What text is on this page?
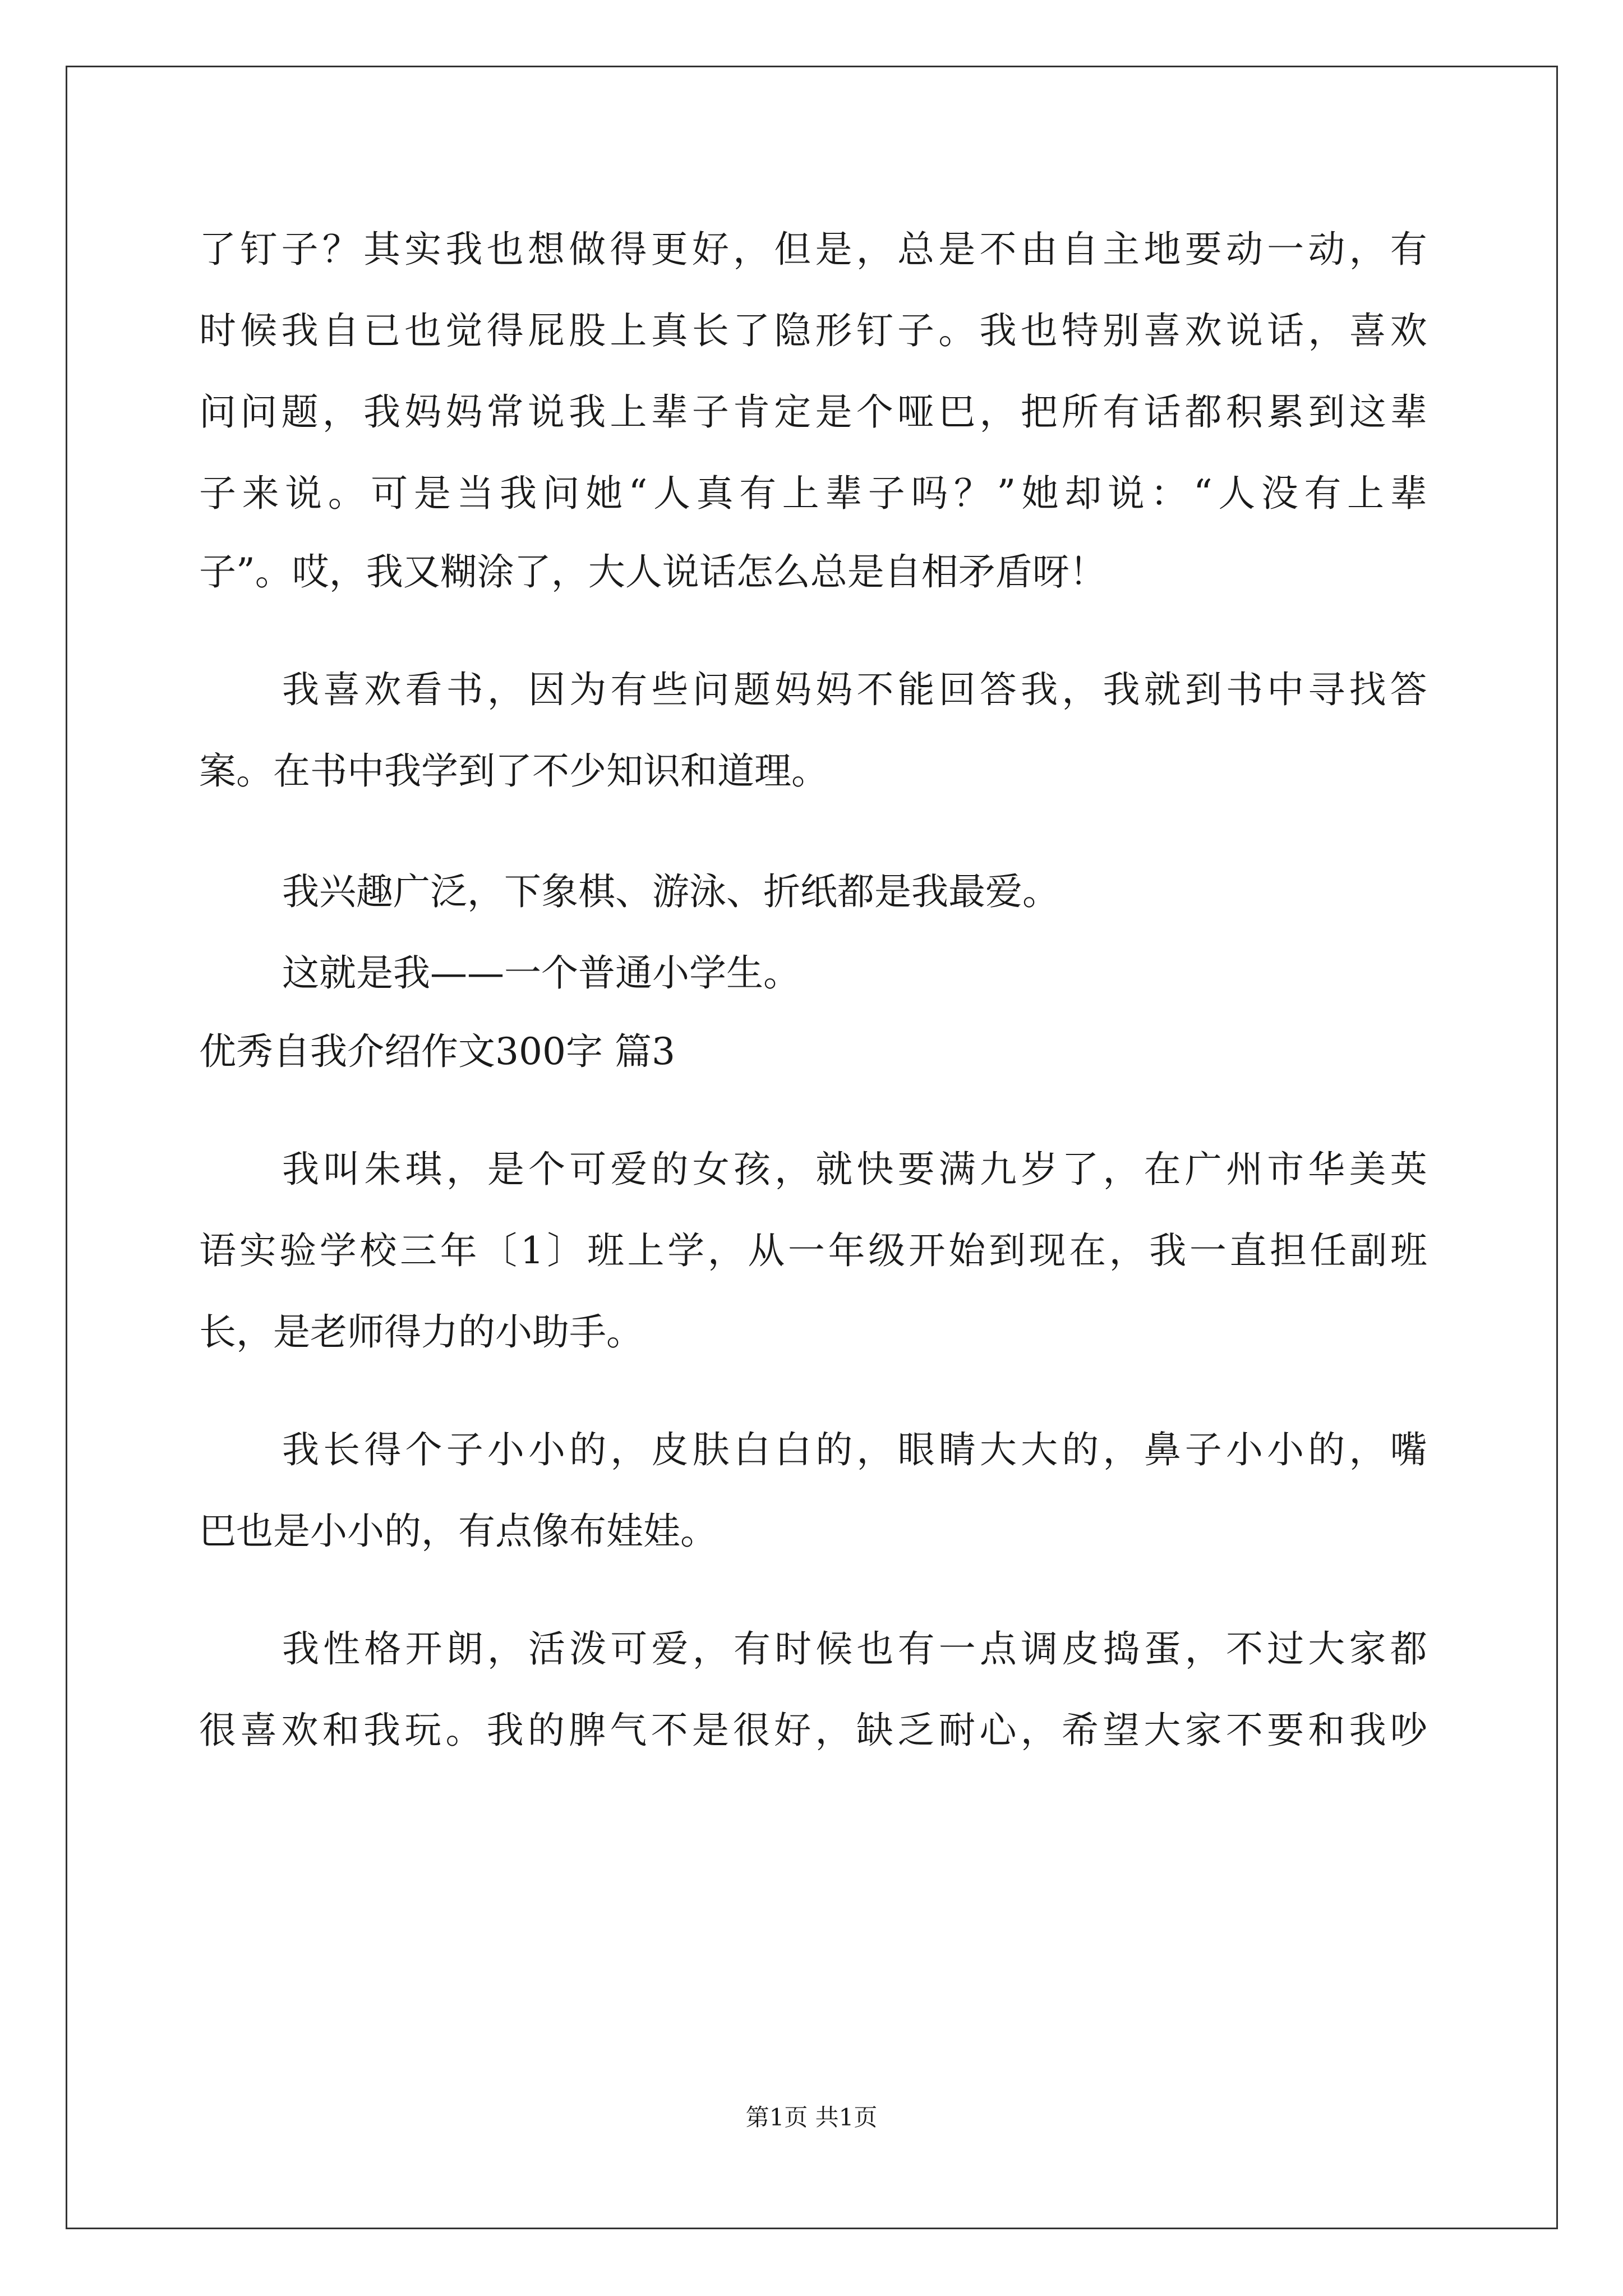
了 钉 子 ？ 其 实 我 也 想 做 得 更 好 ， 但 是 ， 总 是 不 由 自 主 地 要 动 一 动 ， 有
时 候 我 自 已 也 觉 得 屁 股 上 真 长 了 隐 形 钉 子 。 我 也 特 别 喜 欢 说 话 ， 喜 欢
问 问 题 ， 我 妈 妈 常 说 我 上 辈 子 肯 定 是 个 哑 巴 ， 把 所 有 话 都 积 累 到 这 辈
子 来 说 。 可 是 当 我 问 她 “ 人 真 有 上 辈 子 吗 ？ ” 她 却 说 ： “ 人 没 有 上 辈
子”。哎，我又糊涂了，大人说话怎么总是自相矛盾呀！
我 喜 欢 看 书 ， 因 为 有 些 问 题 妈 妈 不 能 回 答 我 ， 我 就 到 书 中 寻 找 答
案。在书中我学到了不少知识和道理。
我兴趣广泛，下象棋、游泳、折纸都是我最爱。
这就是我——一个普通小学生。
优秀自我介绍作文300字 篇3
我 叫 朱 琪 ， 是 个 可 爱 的 女 孩 ， 就 快 要 满 九 岁 了 ， 在 广 州 市 华 美 英
语 实 验 学 校 三 年 〔 1 〕 班 上 学 ， 从 一 年 级 开 始 到 现 在 ， 我 一 直 担 任 副 班
长，是老师得力的小助手。
我 长 得 个 子 小 小 的 ， 皮 肤 白 白 的 ， 眼 睛 大 大 的 ， 鼻 子 小 小 的 ， 嘴
巴也是小小的，有点像布娃娃。
我 性 格 开 朗 ， 活 泼 可 爱 ， 有 时 候 也 有 一 点 调 皮 捣 蛋 ， 不 过 大 家 都
很 喜 欢 和 我 玩 。 我 的 脾 气 不 是 很 好 ， 缺 乏 耐 心 ， 希 望 大 家 不 要 和 我 吵
第1页 共1页
